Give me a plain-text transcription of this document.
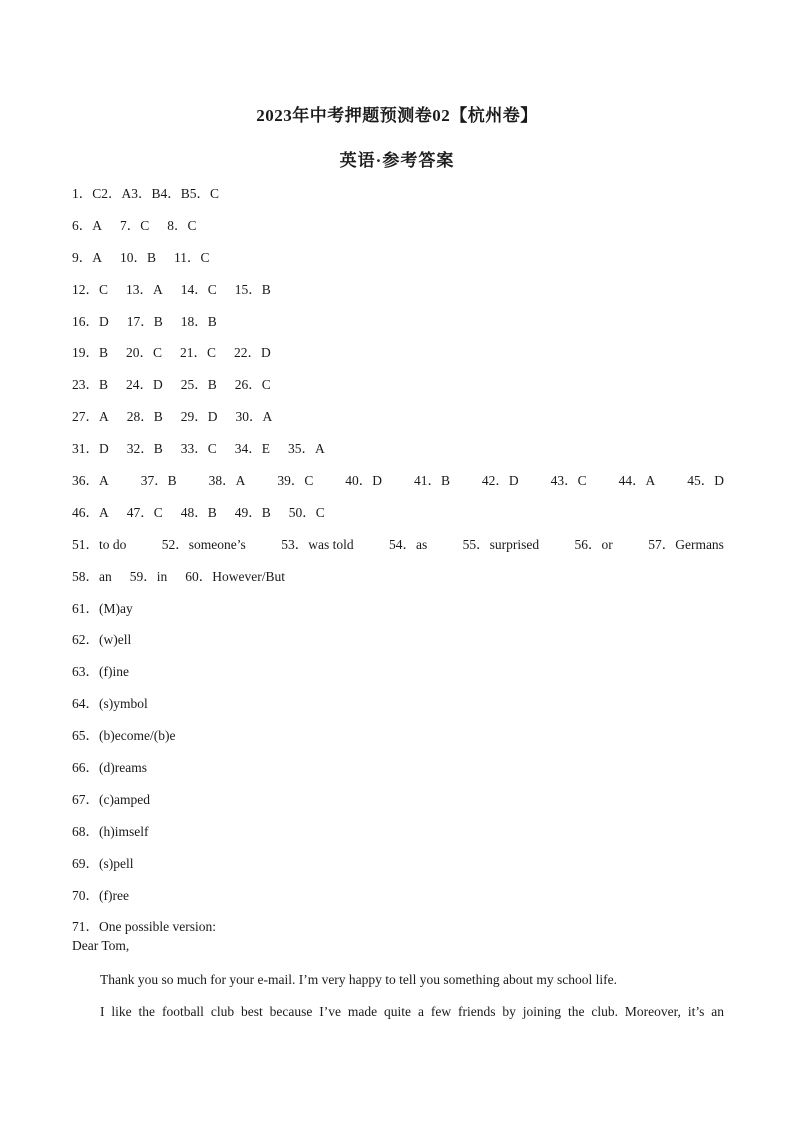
2023年中考押题预测卷02【杭州卷】
英语·参考答案
1．C2．A3．B4．B5．C
6．A 7．C 8．C
9．A 10．B 11．C
12．C 13．A 14．C 15．B
16．D 17．B 18．B
19．B 20．C 21．C 22．D
23．B 24．D 25．B 26．C
27．A 28．B 29．D 30．A
31．D 32．B 33．C 34．E 35．A
36．A 37．B 38．A 39．C 40．D 41．B 42．D 43．C 44．A 45．D
46．A 47．C 48．B 49．B 50．C
51．to do	52．someone’s	53．was told	54．as	55．surprised	56．or	57．Germans
58．an 59．in 60．However/But
61．(M)ay
62．(w)ell
63．(f)ine
64．(s)ymbol
65．(b)ecome/(b)e
66．(d)reams
67．(c)amped
68．(h)imself
69．(s)pell
70．(f)ree
71．One possible version:
Dear Tom,
Thank you so much for your e-mail. I’m very happy to tell you something about my school life.
I like the football club best because I’ve made quite a few friends by joining the club. Moreover, it’s an
